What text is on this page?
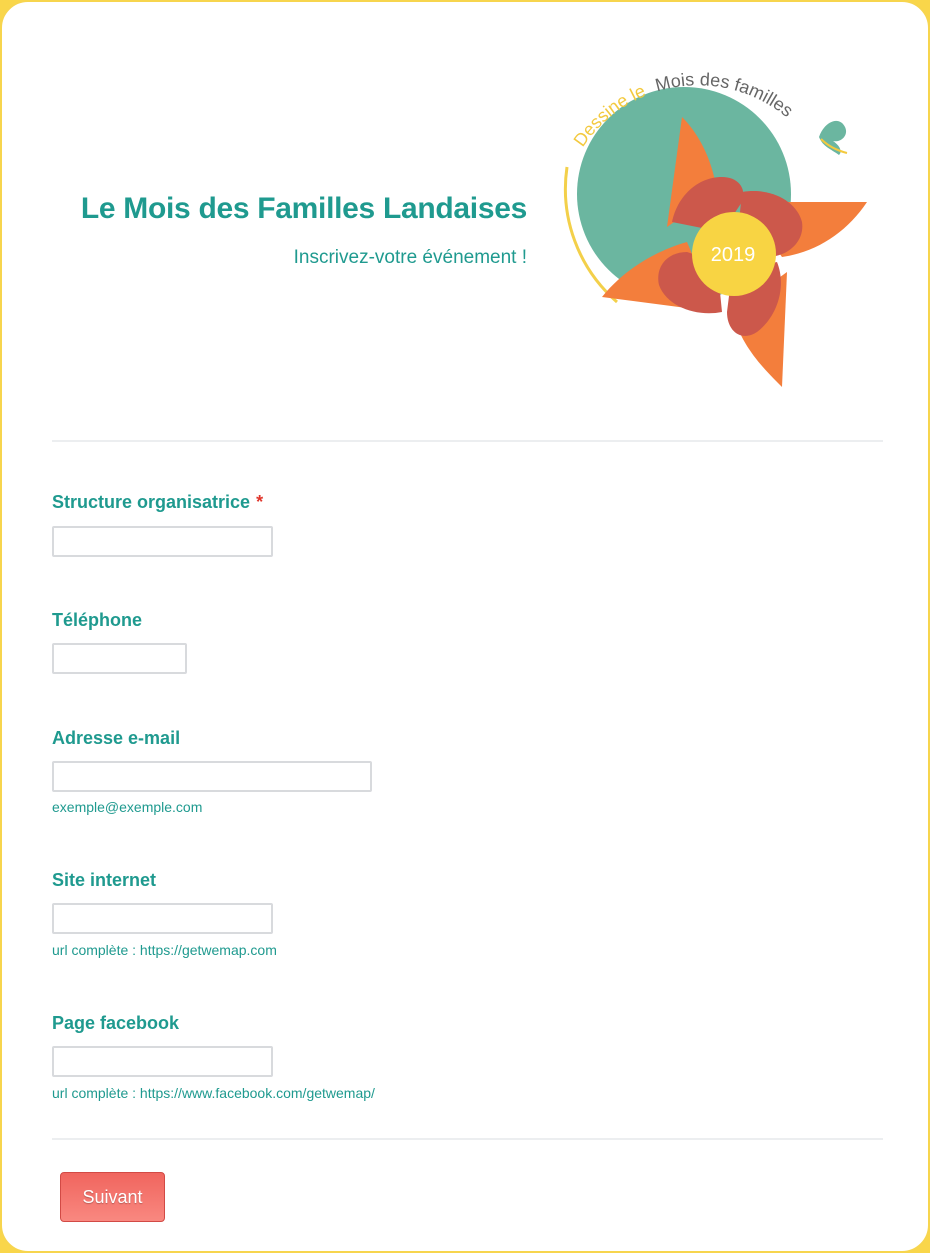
Le Mois des Familles Landaises
Inscrivez-votre événement !
Dessine le Mois des familles
2019
Structure organisatrice *
Téléphone
Adresse e-mail
exemple@exemple.com
Site internet
url complète : https://getwemap.com
Page facebook
url complète : https://www.facebook.com/getwemap/
Suivant
